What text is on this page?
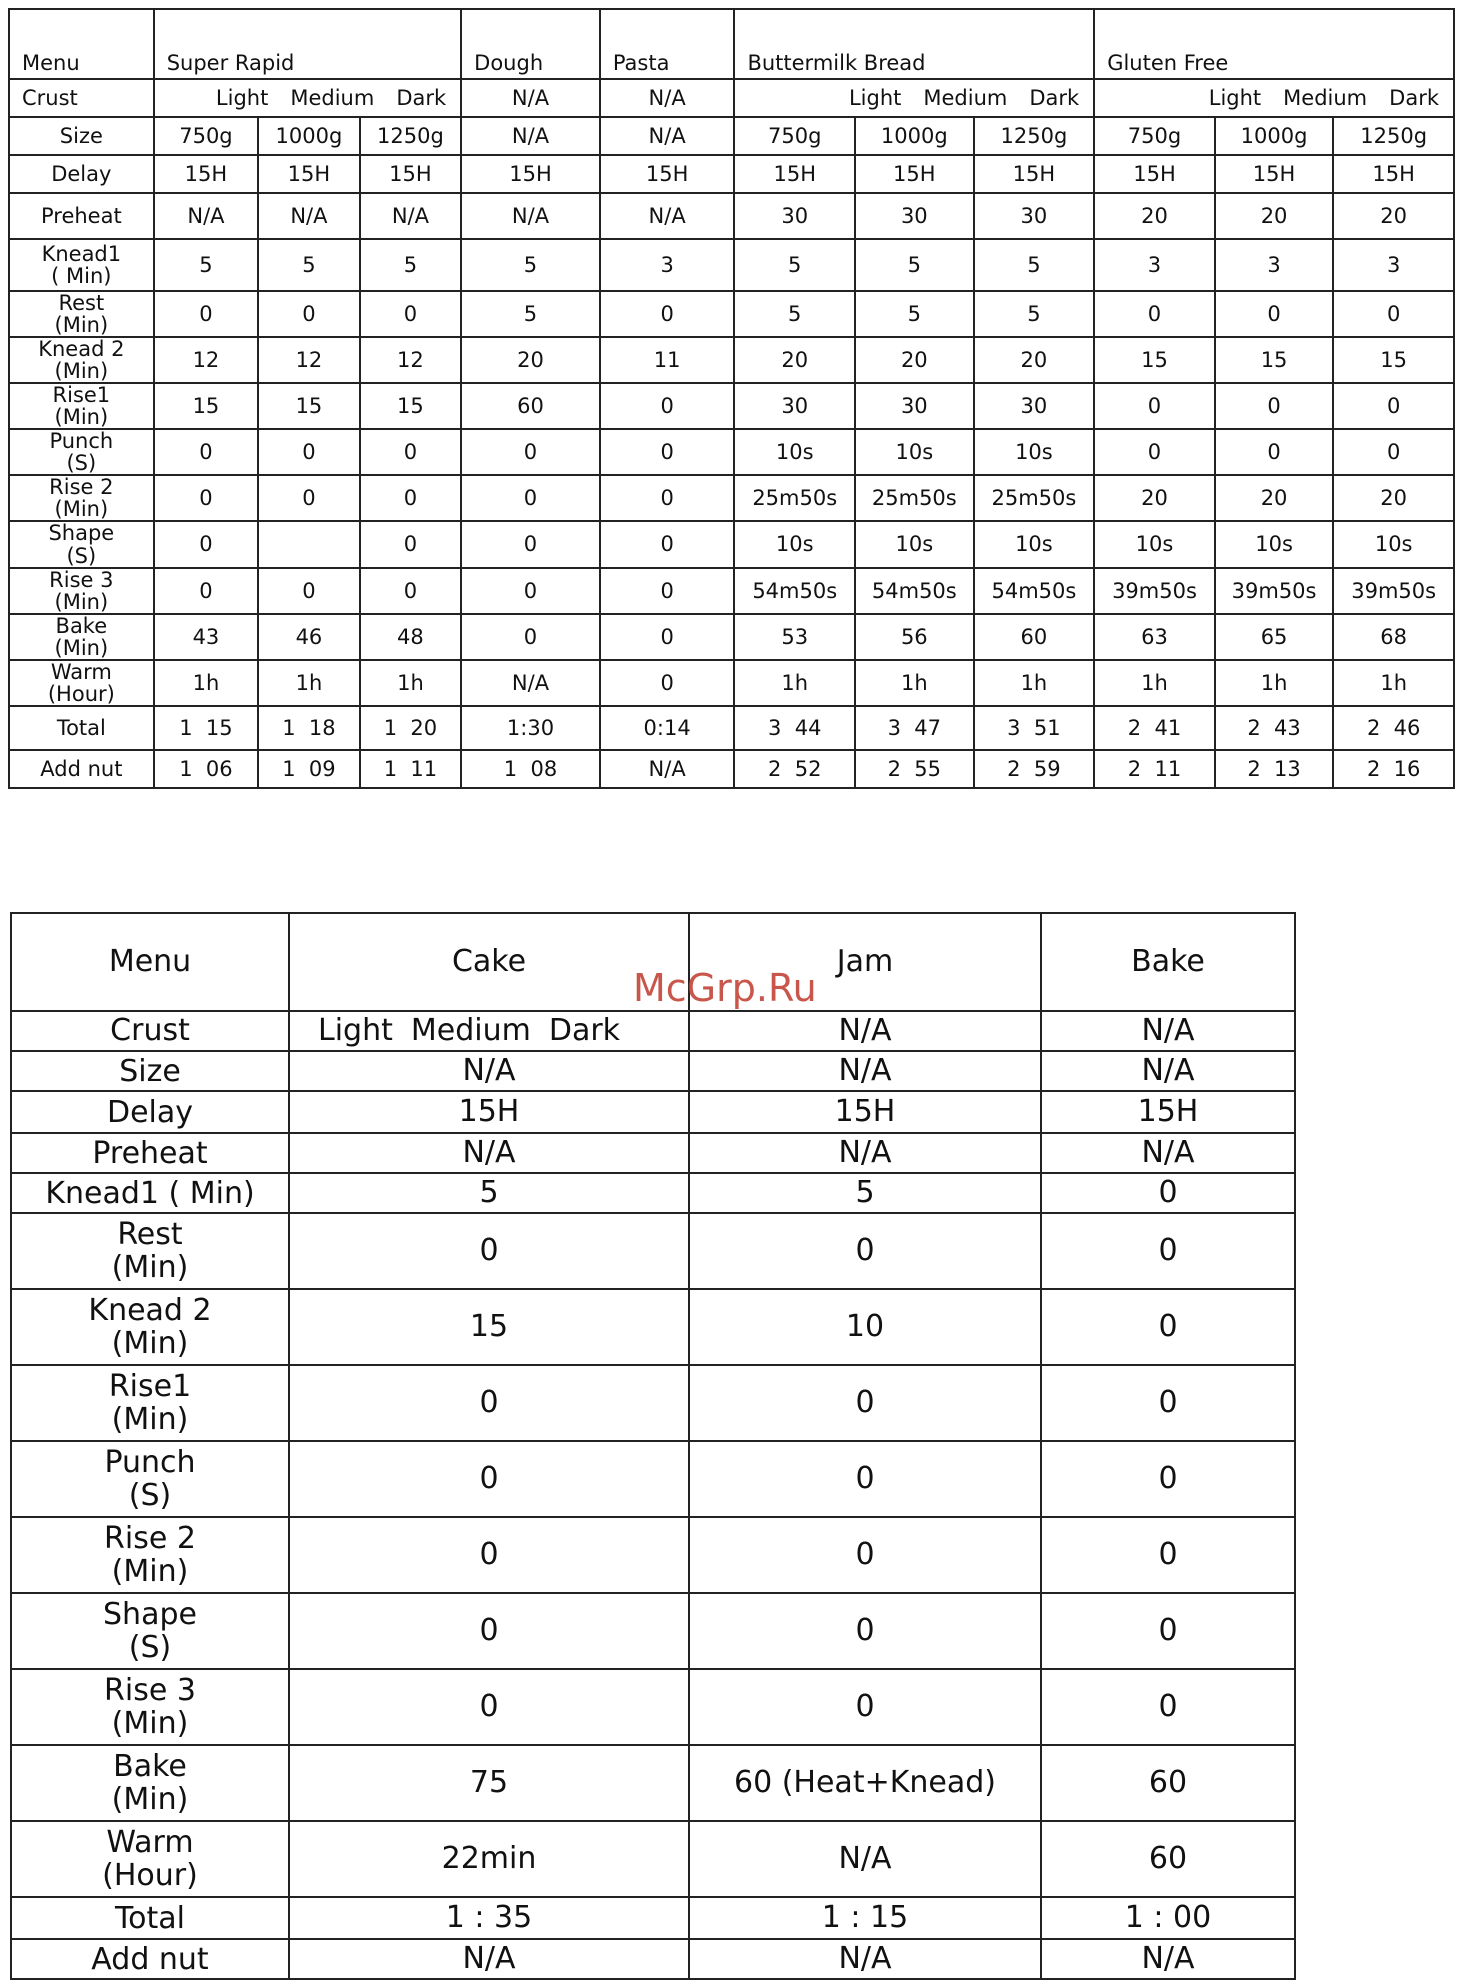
Menu	Super Rapid			Dough	Pasta	Buttermilk Bread			Gluten Free		
Crust	Light Medium Dark			N/A	N/A	Light Medium Dark			Light Medium Dark		
Size	750g	1000g	1250g	N/A	N/A	750g	1000g	1250g	750g	1000g	1250g
Delay	15H	15H	15H	15H	15H	15H	15H	15H	15H	15H	15H
Preheat	N/A	N/A	N/A	N/A	N/A	30	30	30	20	20	20
Knead1
( Min)	5	5	5	5	3	5	5	5	3	3	3
Rest
(Min)	0	0	0	5	0	5	5	5	0	0	0
Knead 2
(Min)	12	12	12	20	11	20	20	20	15	15	15
Rise1
(Min)	15	15	15	60	0	30	30	30	0	0	0
Punch
(S)	0	0	0	0	0	10s	10s	10s	0	0	0
Rise 2
(Min)	0	0	0	0	0	25m50s	25m50s	25m50s	20	20	20
Shape
(S)	0		0	0	0	10s	10s	10s	10s	10s	10s
Rise 3
(Min)	0	0	0	0	0	54m50s	54m50s	54m50s	39m50s	39m50s	39m50s
Bake
(Min)	43	46	48	0	0	53	56	60	63	65	68
Warm
(Hour)	1h	1h	1h	N/A	0	1h	1h	1h	1h	1h	1h
Total	1  15	1  18	1  20	1:30	0:14	3  44	3  47	3  51	2  41	2  43	2  46
Add nut	1  06	1  09	1  11	1  08	N/A	2  52	2  55	2  59	2  11	2  13	2  16
Menu	Cake	Jam	Bake
Crust	Light Medium Dark	N/A	N/A
Size	N/A	N/A	N/A
Delay	15H	15H	15H
Preheat	N/A	N/A	N/A
Knead1 ( Min)	5	5	0
Rest
(Min)	0	0	0
Knead 2
(Min)	15	10	0
Rise1
(Min)	0	0	0
Punch
(S)	0	0	0
Rise 2
(Min)	0	0	0
Shape
(S)	0	0	0
Rise 3
(Min)	0	0	0
Bake
(Min)	75	60 (Heat+Knead)	60
Warm
(Hour)	22min	N/A	60
Total	1 : 35	1 : 15	1 : 00
Add nut	N/A	N/A	N/A
McGrp.Ru
